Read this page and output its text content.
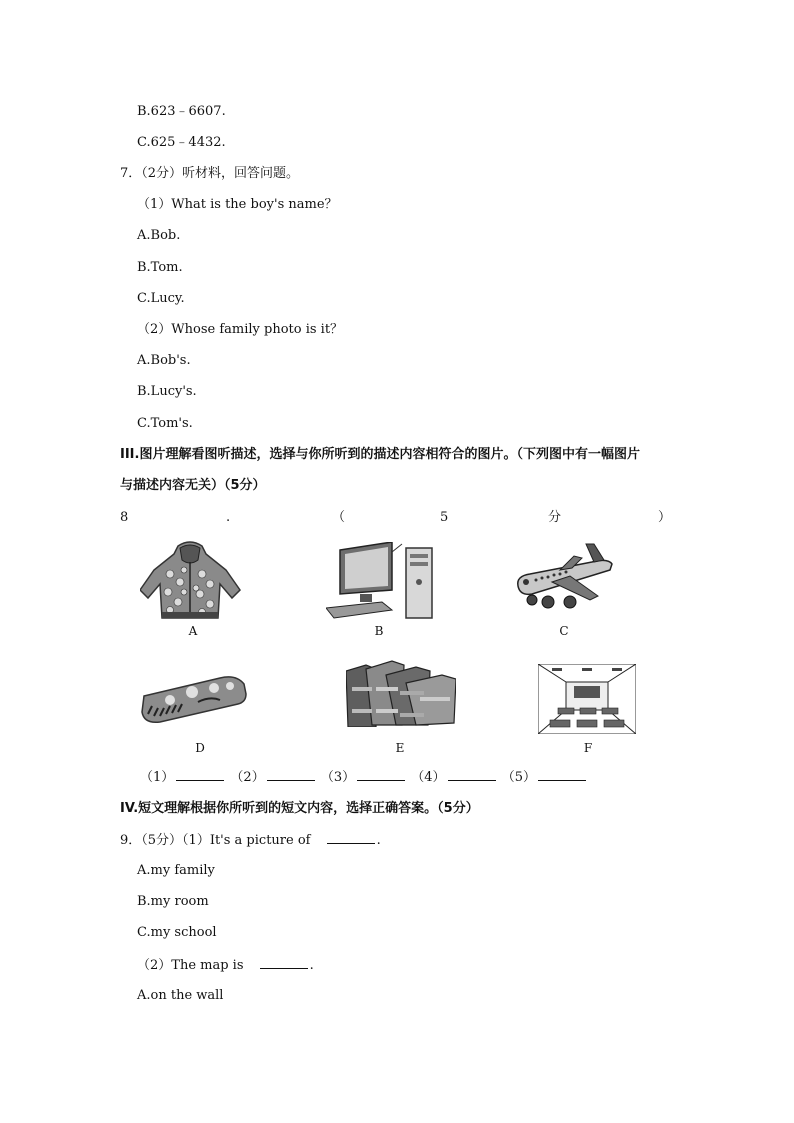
B.623﹣6607.
C.625﹣4432.
7．（2分）听材料，回答问题。
（1）What is the boy's name？
A.Bob.
B.Tom.
C.Lucy.
（2）Whose family photo is it？
A.Bob's.
B.Lucy's.
C.Tom's.
III.图片理解看图听描述，选择与你所听到的描述内容相符合的图片。（下列图中有一幅图片
与描述内容无关）（5分）
8	.	（	5	分	）
A	B	C
D	E	F
（1）	（2）	（3）	（4）	（5）
IV.短文理解根据你所听到的短文内容，选择正确答案。（5分）
9．（5分）（1）It's a picture of	.
A.my family
B.my room
C.my school
（2）The map is	.
A.on the wall
